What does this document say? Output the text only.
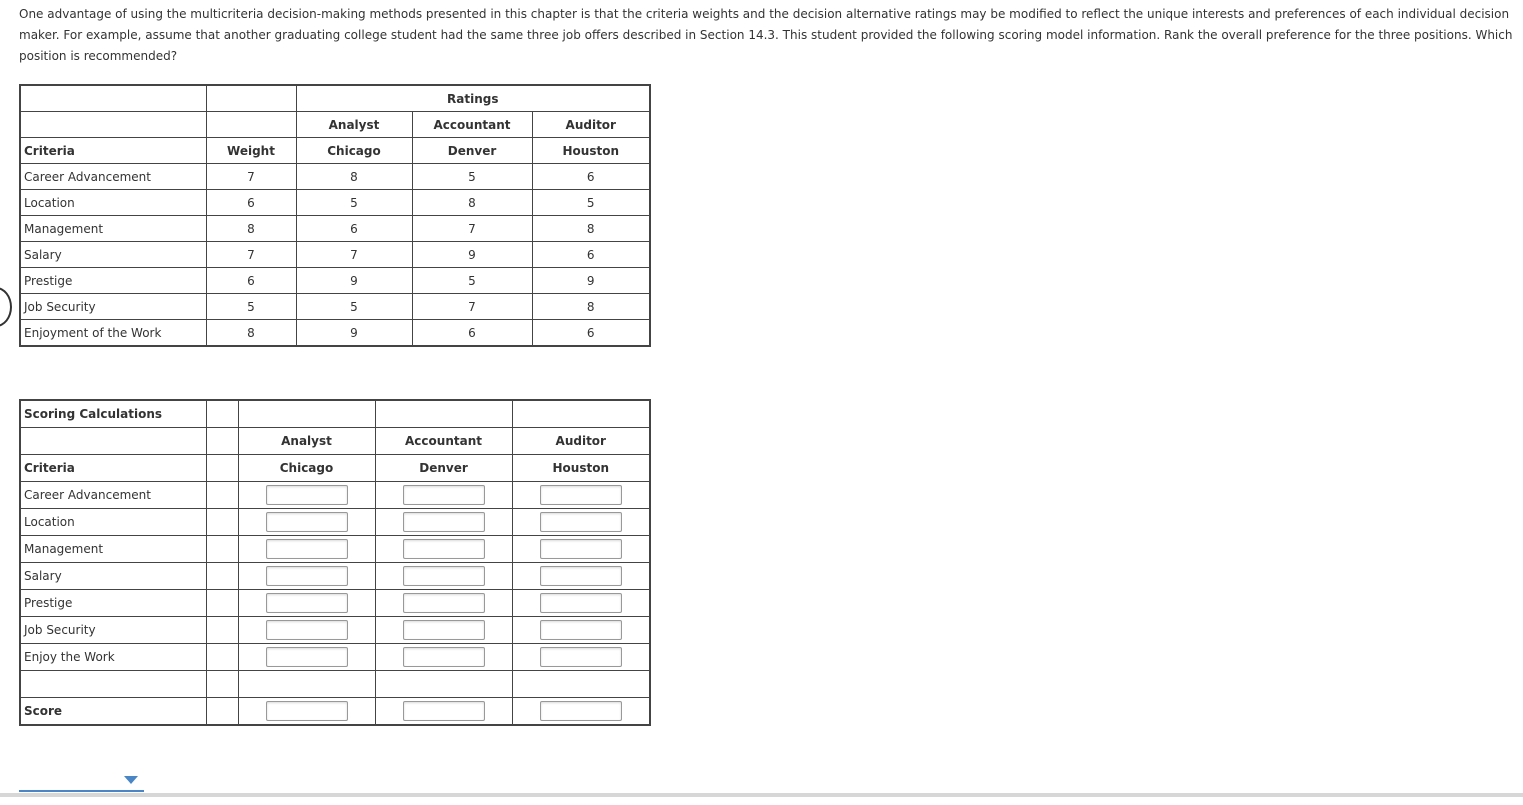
One advantage of using the multicriteria decision-making methods presented in this chapter is that the criteria weights and the decision alternative ratings may be modified to reflect the unique interests and preferences of each individual decision maker. For example, assume that another graduating college student had the same three job offers described in Section 14.3. This student provided the following scoring model information. Rank the overall preference for the three positions. Which position is recommended?

		Ratings		
		Analyst	Accountant	Auditor
Criteria	Weight	Chicago	Denver	Houston
Career Advancement	7	8	5	6
Location	6	5	8	5
Management	8	6	7	8
Salary	7	7	9	6
Prestige	6	9	5	9
Job Security	5	5	7	8
Enjoyment of the Work	8	9	6	6
Scoring Calculations				
		Analyst	Accountant	Auditor
Criteria		Chicago	Denver	Houston
Career Advancement		

Location		

Management		

Salary		

Prestige		

Job Security		

Enjoy the Work		

Score		
